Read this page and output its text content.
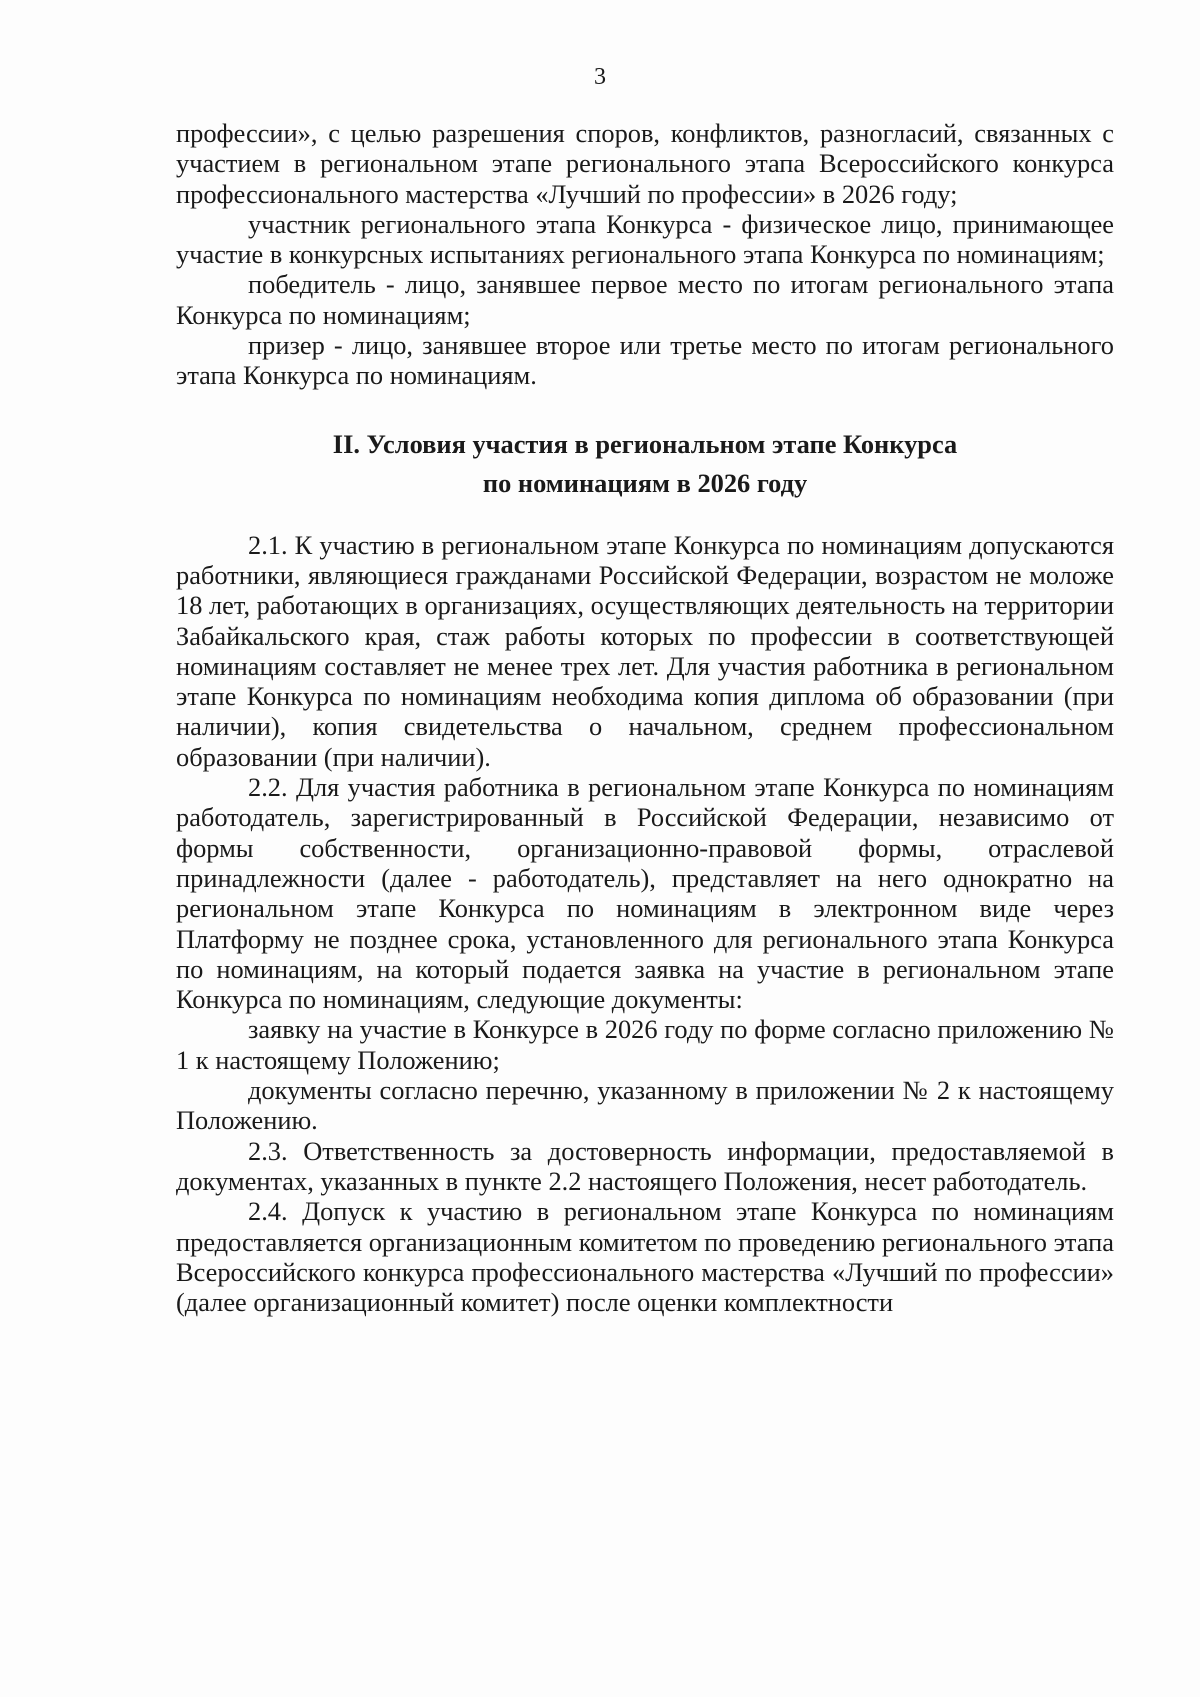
3

профессии», с целью разрешения споров, конфликтов, разногласий, связанных с участием в региональном этапе регионального этапа Всероссийского конкурса профессионального мастерства «Лучший по профессии» в 2026 году;

участник регионального этапа Конкурса - физическое лицо, принимающее участие в конкурсных испытаниях регионального этапа Конкурса по номинациям;

победитель - лицо, занявшее первое место по итогам регионального этапа Конкурса по номинациям;

призер - лицо, занявшее второе или третье место по итогам регионального этапа Конкурса по номинациям.

II. Условия участия в региональном этапе Конкурса
по номинациям в 2026 году

2.1. К участию в региональном этапе Конкурса по номинациям допускаются работники, являющиеся гражданами Российской Федерации, возрастом не моложе 18 лет, работающих в организациях, осуществляющих деятельность на территории Забайкальского края, стаж работы которых по профессии в соответствующей номинациям составляет не менее трех лет. Для участия работника в региональном этапе Конкурса по номинациям необходима копия диплома об образовании (при наличии), копия свидетельства о начальном, среднем профессиональном образовании (при наличии).

2.2. Для участия работника в региональном этапе Конкурса по номинациям работодатель, зарегистрированный в Российской Федерации, независимо от формы собственности, организационно-правовой формы, отраслевой принадлежности (далее - работодатель), представляет на него однократно на региональном этапе Конкурса по номинациям в электронном виде через Платформу не позднее срока, установленного для регионального этапа Конкурса по номинациям, на который подается заявка на участие в региональном этапе Конкурса по номинациям, следующие документы:

заявку на участие в Конкурсе в 2026 году по форме согласно приложению № 1 к настоящему Положению;

документы согласно перечню, указанному в приложении № 2 к настоящему Положению.

2.3. Ответственность за достоверность информации, предоставляемой в документах, указанных в пункте 2.2 настоящего Положения, несет работодатель.

2.4. Допуск к участию в региональном этапе Конкурса по номинациям предоставляется организационным комитетом по проведению регионального этапа Всероссийского конкурса профессионального мастерства «Лучший по профессии» (далее организационный комитет) после оценки комплектности
